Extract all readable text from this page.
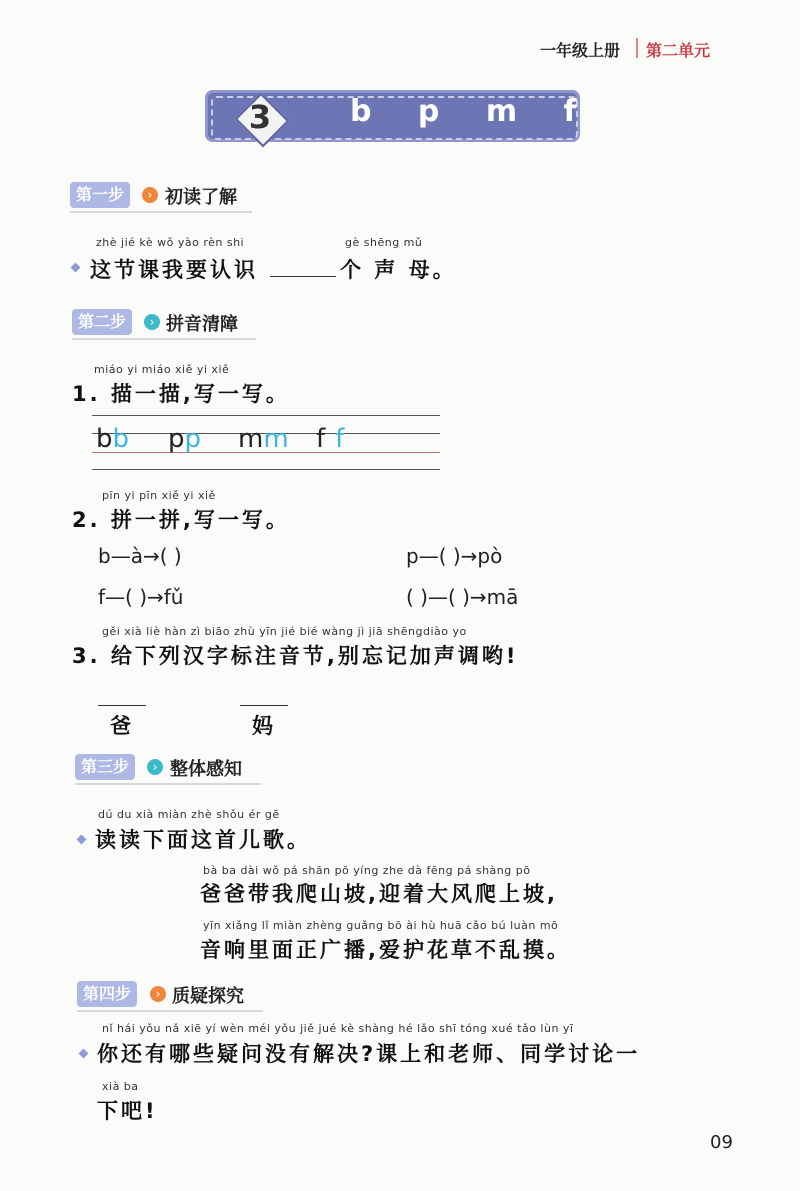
一年级上册 第二单元
3	b p m f
第一步	› 初读了解
zhè jié kè wǒ yào rèn shi	gè shēng mǔ
这节课我要认识	个 声 母。
第二步	› 拼音清障
miáo yi miáo xiě yi xiě
1. 描一描,写一写。
bb pp mm f f
pīn yi pīn xiě yi xiě
2. 拼一拼,写一写。
b—à→( )	p—( )→pò
f—( )→fǔ	( )—( )→mā
gěi xià liè hàn zì biāo zhù yīn jié bié wàng jì jiā shēngdiào yo
3. 给下列汉字标注音节,别忘记加声调哟!
爸	妈
第三步	› 整体感知
dú du xià miàn zhè shǒu ér gē
读读下面这首儿歌。
bà ba dài wǒ pá shān pō yíng zhe dà fēng pá shàng pō
爸爸带我爬山坡,迎着大风爬上坡,
yīn xiǎng lǐ miàn zhèng guǎng bō ài hù huā cǎo bú luàn mō
音响里面正广播,爱护花草不乱摸。
第四步	› 质疑探究
nǐ hái yǒu nǎ xiē yí wèn méi yǒu jiě jué kè shàng hé lǎo shī tóng xué tǎo lùn yī
你还有哪些疑问没有解决?课上和老师、同学讨论一
xià ba
下吧!
09
